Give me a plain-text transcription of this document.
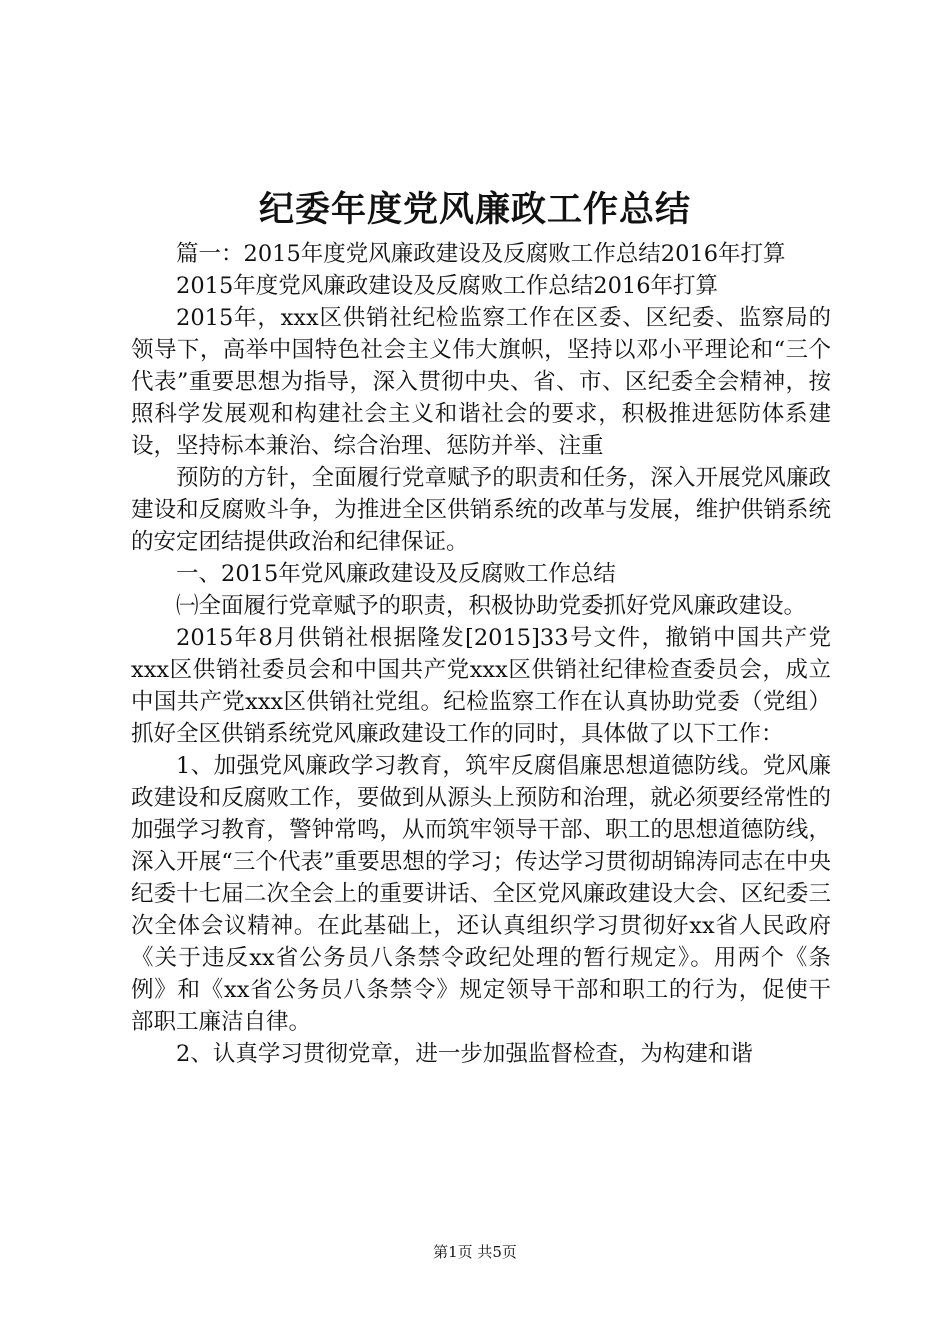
纪委年度党风廉政工作总结

篇一：2015年度党风廉政建设及反腐败工作总结2016年打算

2015年度党风廉政建设及反腐败工作总结2016年打算

2015年，xxx区供销社纪检监察工作在区委、区纪委、监察局的领导下，高举中国特色社会主义伟大旗帜，坚持以邓小平理论和“三个代表”重要思想为指导，深入贯彻中央、省、市、区纪委全会精神，按照科学发展观和构建社会主义和谐社会的要求，积极推进惩防体系建设，坚持标本兼治、综合治理、惩防并举、注重

预防的方针，全面履行党章赋予的职责和任务，深入开展党风廉政建设和反腐败斗争，为推进全区供销系统的改革与发展，维护供销系统的安定团结提供政治和纪律保证。

一、2015年党风廉政建设及反腐败工作总结

㈠全面履行党章赋予的职责，积极协助党委抓好党风廉政建设。

2015年8月供销社根据隆发[2015]33号文件，撤销中国共产党xxx区供销社委员会和中国共产党xxx区供销社纪律检查委员会，成立中国共产党xxx区供销社党组。纪检监察工作在认真协助党委（党组）抓好全区供销系统党风廉政建设工作的同时，具体做了以下工作：

1、加强党风廉政学习教育，筑牢反腐倡廉思想道德防线。党风廉政建设和反腐败工作，要做到从源头上预防和治理，就必须要经常性的加强学习教育，警钟常鸣，从而筑牢领导干部、职工的思想道德防线，深入开展“三个代表”重要思想的学习；传达学习贯彻胡锦涛同志在中央纪委十七届二次全会上的重要讲话、全区党风廉政建设大会、区纪委三次全体会议精神。在此基础上，还认真组织学习贯彻好xx省人民政府《关于违反xx省公务员八条禁令政纪处理的暂行规定》。用两个《条例》和《xx省公务员八条禁令》规定领导干部和职工的行为，促使干部职工廉洁自律。

2、认真学习贯彻党章，进一步加强监督检查，为构建和谐

第1页 共5页
